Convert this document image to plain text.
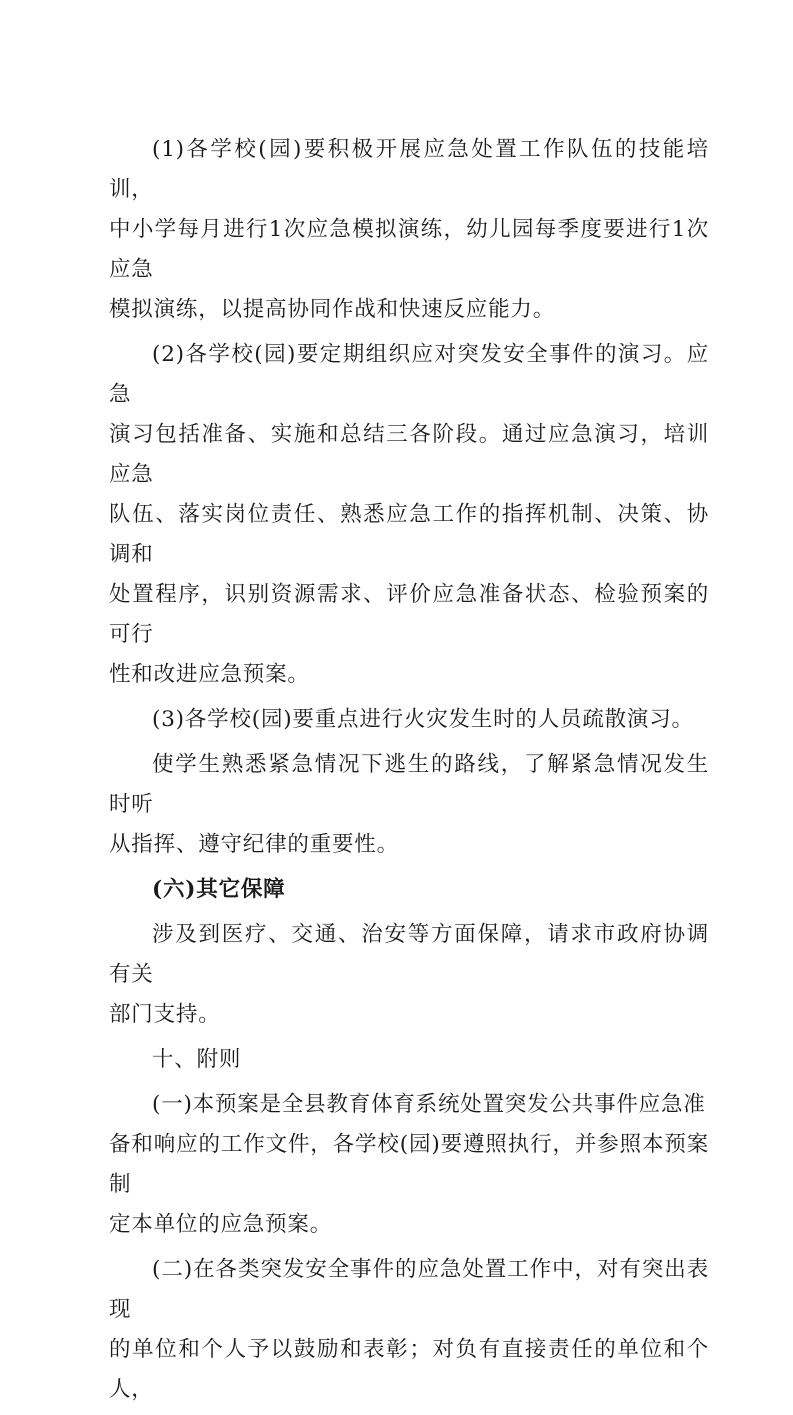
(1)各学校(园)要积极开展应急处置工作队伍的技能培训，
中小学每月进行1次应急模拟演练，幼儿园每季度要进行1次应急
模拟演练，以提高协同作战和快速反应能力。

(2)各学校(园)要定期组织应对突发安全事件的演习。应急
演习包括准备、实施和总结三各阶段。通过应急演习，培训应急
队伍、落实岗位责任、熟悉应急工作的指挥机制、决策、协调和
处置程序，识别资源需求、评价应急准备状态、检验预案的可行
性和改进应急预案。

(3)各学校(园)要重点进行火灾发生时的人员疏散演习。

使学生熟悉紧急情况下逃生的路线，了解紧急情况发生时听
从指挥、遵守纪律的重要性。

(六)其它保障

涉及到医疗、交通、治安等方面保障，请求市政府协调有关
部门支持。

十、附则

(一)本预案是全县教育体育系统处置突发公共事件应急准
备和响应的工作文件，各学校(园)要遵照执行，并参照本预案制
定本单位的应急预案。

(二)在各类突发安全事件的应急处置工作中，对有突出表现
的单位和个人予以鼓励和表彰；对负有直接责任的单位和个人，
